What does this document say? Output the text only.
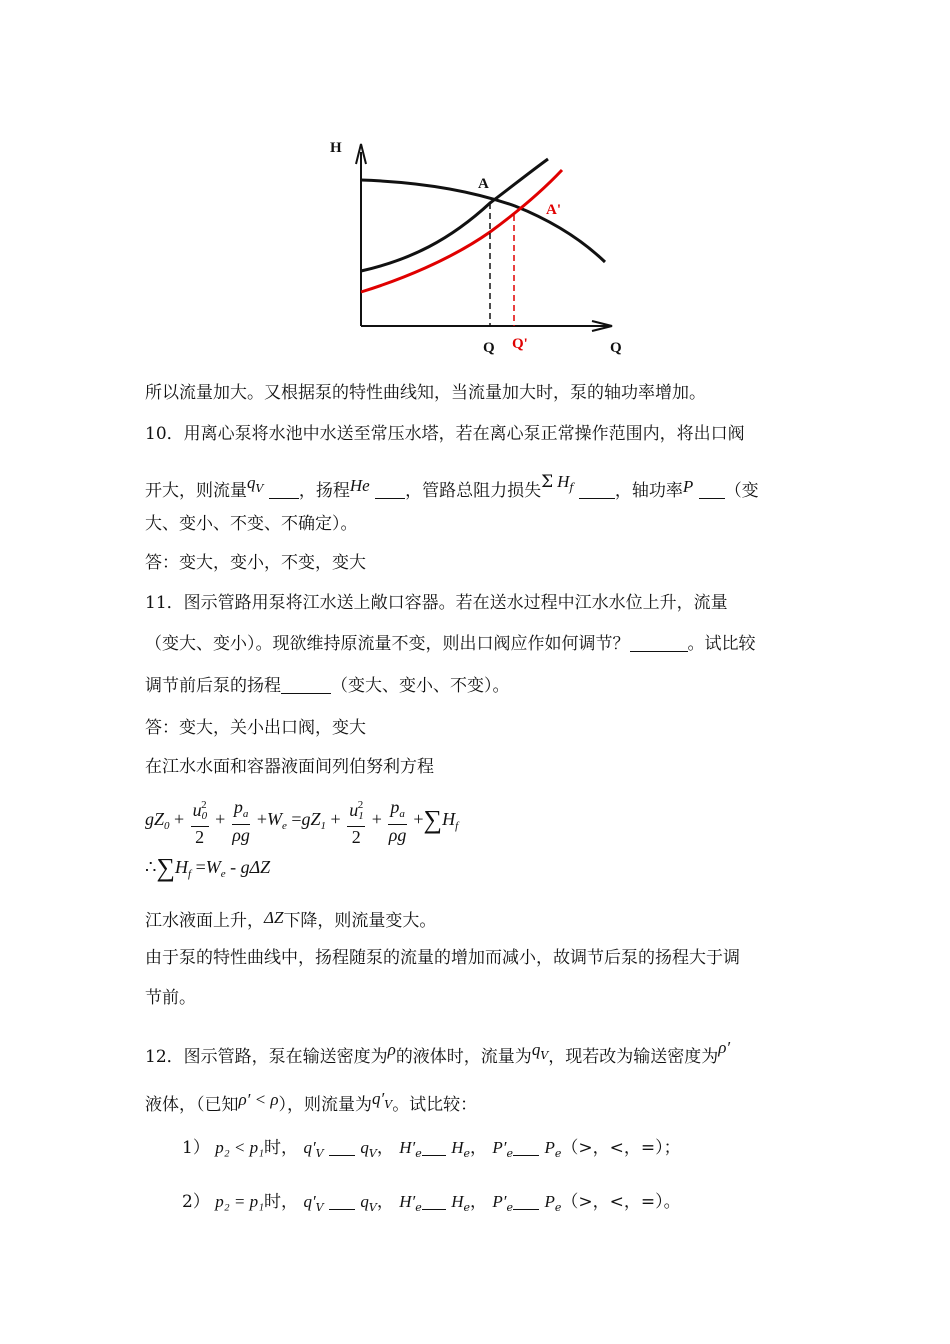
H
A
A'
Q Q'	Q
所以流量加大。又根据泵的特性曲线知，当流量加大时，泵的轴功率增加。
10．用离心泵将水池中水送至常压水塔，若在离心泵正常操作范围内，将出口阀
开大，则流量$q_V$ ，扬程He ，管路总阻力损失Σ $H_f$ ，轴功率P （变
大、变小、不变、不确定）。
答：变大，变小，不变，变大
11．图示管路用泵将江水送上敞口容器。若在送水过程中江水水位上升，流量
（变大、变小）。现欲维持原流量不变，则出口阀应作如何调节？	。试比较
调节前后泵的扬程	（变大、变小、不变）。
答：变大，关小出口阀，变大
在江水水面和容器液面间列伯努利方程
$gZ_0 + \frac{u_0^2}{2} + \frac{p_a}{\rho g} +W_e =gZ_1 + \frac{u_1^2}{2} + \frac{p_a}{\rho g} +\sum H_f$
$\therefore\sum H_f =W_e - g\Delta Z$
江水液面上升，ΔZ下降，则流量变大。
由于泵的特性曲线中，扬程随泵的流量的增加而减小，故调节后泵的扬程大于调
节前。
12．图示管路，泵在输送密度为ρ的液体时，流量为$q_V$，现若改为输送密度为ρ′
液体，（已知ρ′ < ρ），则流量为$q'_V$。试比较：
1） p₂ < p₁时， $q'_V$ $q_V$， $H'_e$ $H_e$， $P'_e$ $P_e(>$，<，=）；
2） p₂ = p₁时， $q'_V$ $q_V$， $H'_e$ $H_e$， $P'_e$ $P_e(>$，<，=）。
